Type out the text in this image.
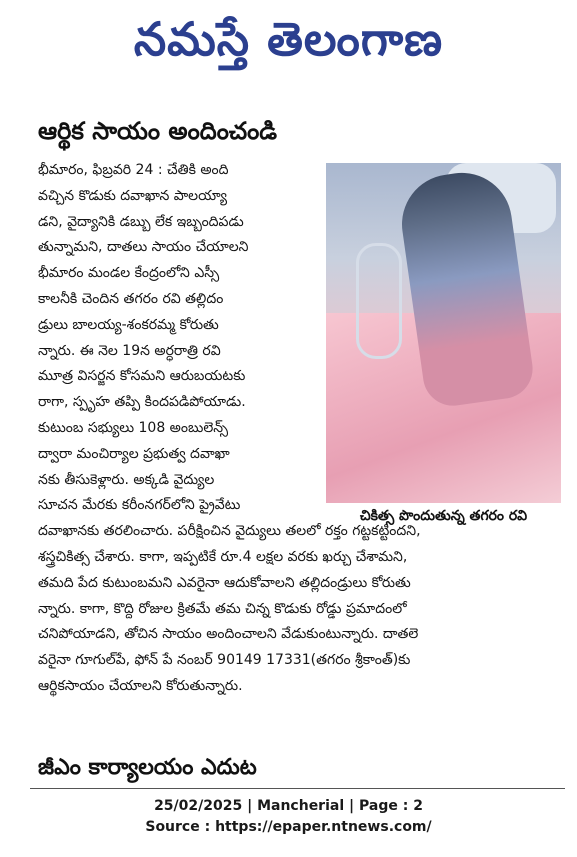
నమస్తే తెలంగాణ
ఆర్థిక సాయం అందించండి
చికిత్స పొందుతున్న తగరం రవి
భీమారం, ఫిబ్రవరి 24 : చేతికి అంది
వచ్చిన కొడుకు దవాఖాన పాలయ్యా
డని, వైద్యానికి డబ్బు లేక ఇబ్బందిపడు
తున్నామని, దాతలు సాయం చేయాలని
భీమారం మండల కేంద్రంలోని ఎస్సీ
కాలనీకి చెందిన తగరం రవి తల్లిదం
డ్రులు బాలయ్య-శంకరమ్మ కోరుతు
న్నారు. ఈ నెల 19న అర్ధరాత్రి రవి
మూత్ర విసర్జన కోసమని ఆరుబయటకు
రాగా, స్పృహ తప్పి కిందపడిపోయాడు.
కుటుంబ సభ్యులు 108 అంబులెన్స్
ద్వారా మంచిర్యాల ప్రభుత్వ దవాఖా
నకు తీసుకెళ్లారు. అక్కడి వైద్యుల
సూచన మేరకు కరీంనగర్‌లోని ప్రైవేటు
దవాఖానకు తరలించారు. పరీక్షించిన వైద్యులు తలలో రక్తం గట్టకట్టిందని,
శస్త్రచికిత్స చేశారు. కాగా, ఇప్పటికే రూ.4 లక్షల వరకు ఖర్చు చేశామని,
తమది పేద కుటుంబమని ఎవరైనా ఆదుకోవాలని తల్లిదండ్రులు కోరుతు
న్నారు. కాగా, కొద్ది రోజుల క్రితమే తమ చిన్న కొడుకు రోడ్డు ప్రమాదంలో
చనిపోయాడని, తోచిన సాయం అందించాలని వేడుకుంటున్నారు. దాతలె
వరైనా గూగుల్‌పే, ఫోన్ పే నంబర్ 90149 17331(తగరం శ్రీకాంత్)కు
ఆర్థికసాయం చేయాలని కోరుతున్నారు.
జీఎం కార్యాలయం ఎదుట
25/02/2025 | Mancherial | Page : 2
Source : https://epaper.ntnews.com/
